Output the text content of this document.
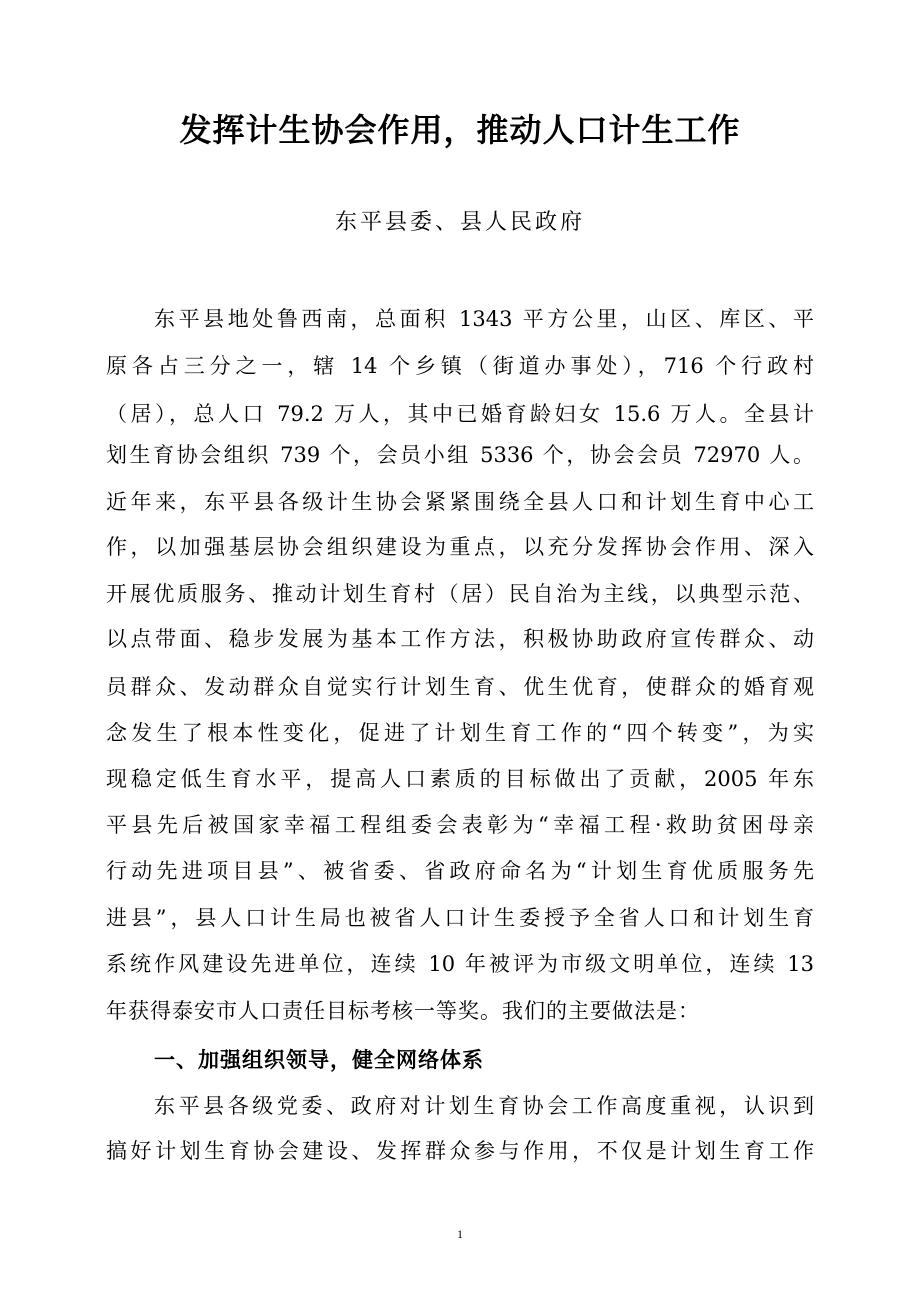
发挥计生协会作用，推动人口计生工作
东平县委、县人民政府
东平县地处鲁西南，总面积 1343 平方公里，山区、库区、平
原各占三分之一，辖 14 个乡镇（街道办事处），716 个行政村
（居），总人口 79.2 万人，其中已婚育龄妇女 15.6 万人。全县计
划生育协会组织 739 个，会员小组 5336 个，协会会员 72970 人。
近年来，东平县各级计生协会紧紧围绕全县人口和计划生育中心工
作，以加强基层协会组织建设为重点，以充分发挥协会作用、深入
开展优质服务、推动计划生育村（居）民自治为主线，以典型示范、
以点带面、稳步发展为基本工作方法，积极协助政府宣传群众、动
员群众、发动群众自觉实行计划生育、优生优育，使群众的婚育观
念发生了根本性变化，促进了计划生育工作的“四个转变”，为实
现稳定低生育水平，提高人口素质的目标做出了贡献，2005 年东
平县先后被国家幸福工程组委会表彰为“幸福工程·救助贫困母亲
行动先进项目县”、被省委、省政府命名为“计划生育优质服务先
进县”，县人口计生局也被省人口计生委授予全省人口和计划生育
系统作风建设先进单位，连续 10 年被评为市级文明单位，连续 13
年获得泰安市人口责任目标考核一等奖。我们的主要做法是：
一、加强组织领导，健全网络体系
东平县各级党委、政府对计划生育协会工作高度重视，认识到
搞好计划生育协会建设、发挥群众参与作用，不仅是计划生育工作
1
